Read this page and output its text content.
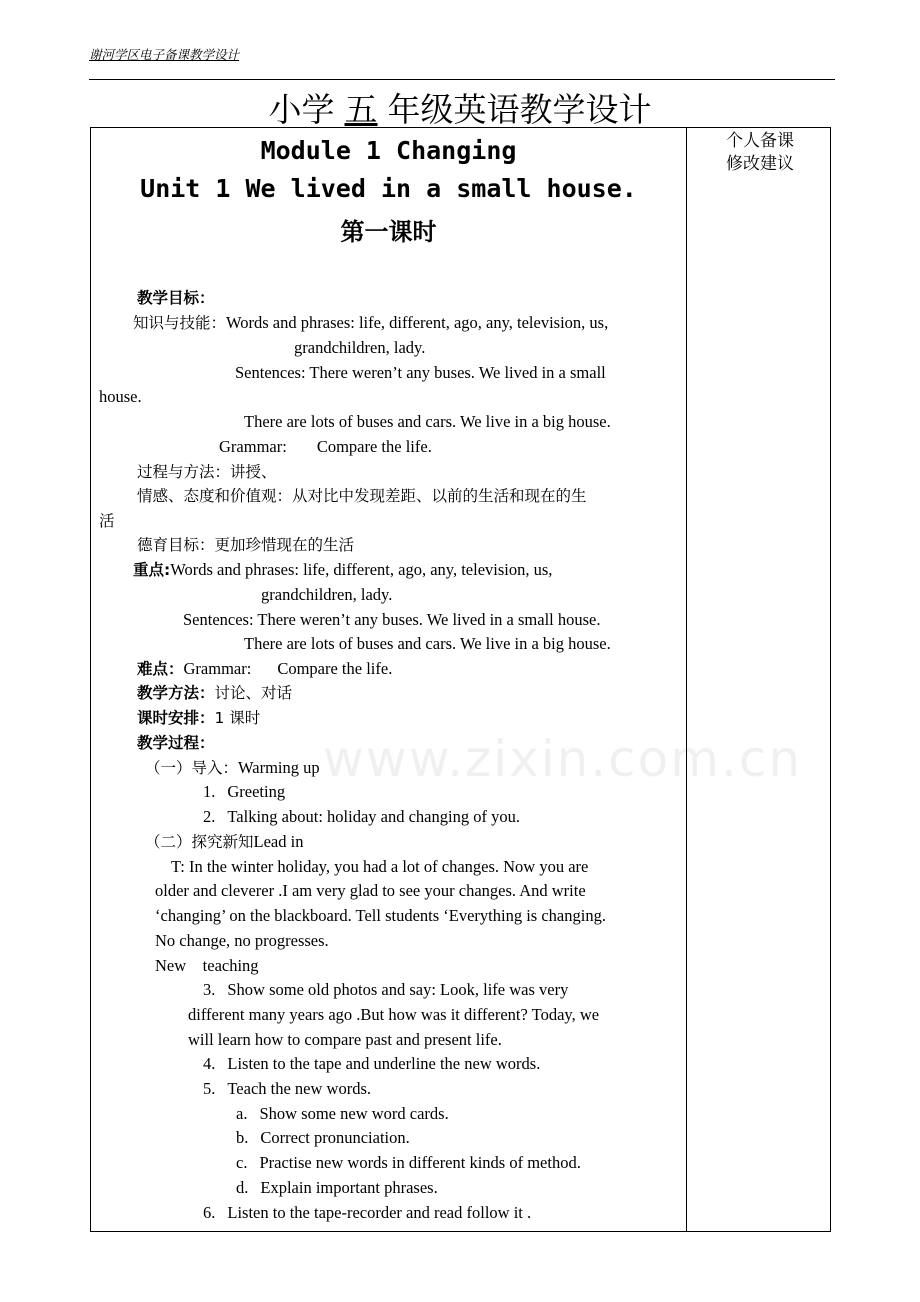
谢河学区电子备课教学设计
小学 五 年级英语教学设计
个人备课
修改建议
Module 1 Changing
Unit 1 We lived in a small house.
第一课时
www.zixin.com.cn
教学目标：
知识与技能：Words and phrases: life, different, ago, any, television, us,
grandchildren, lady.
Sentences: There weren’t any buses. We lived in a small
house.
There are lots of buses and cars. We live in a big house.
Grammar: Compare the life.
过程与方法：讲授、
情感、态度和价值观：从对比中发现差距、以前的生活和现在的生
活
德育目标：更加珍惜现在的生活
重点:Words and phrases: life, different, ago, any, television, us,
grandchildren, lady.
Sentences: There weren’t any buses. We lived in a small house.
There are lots of buses and cars. We live in a big house.
难点：Grammar: Compare the life.
教学方法：讨论、对话
课时安排：1 课时
教学过程：
（一）导入：Warming up
1. Greeting
2. Talking about: holiday and changing of you.
（二）探究新知Lead in
T: In the winter holiday, you had a lot of changes. Now you are
older and cleverer .I am very glad to see your changes. And write
‘changing’ on the blackboard. Tell students ‘Everything is changing.
No change, no progresses.
New    teaching
3. Show some old photos and say: Look, life was very
different many years ago .But how was it different? Today, we
will learn how to compare past and present life.
4. Listen to the tape and underline the new words.
5. Teach the new words.
a. Show some new word cards.
b. Correct pronunciation.
c. Practise new words in different kinds of method.
d. Explain important phrases.
6. Listen to the tape-recorder and read follow it .
